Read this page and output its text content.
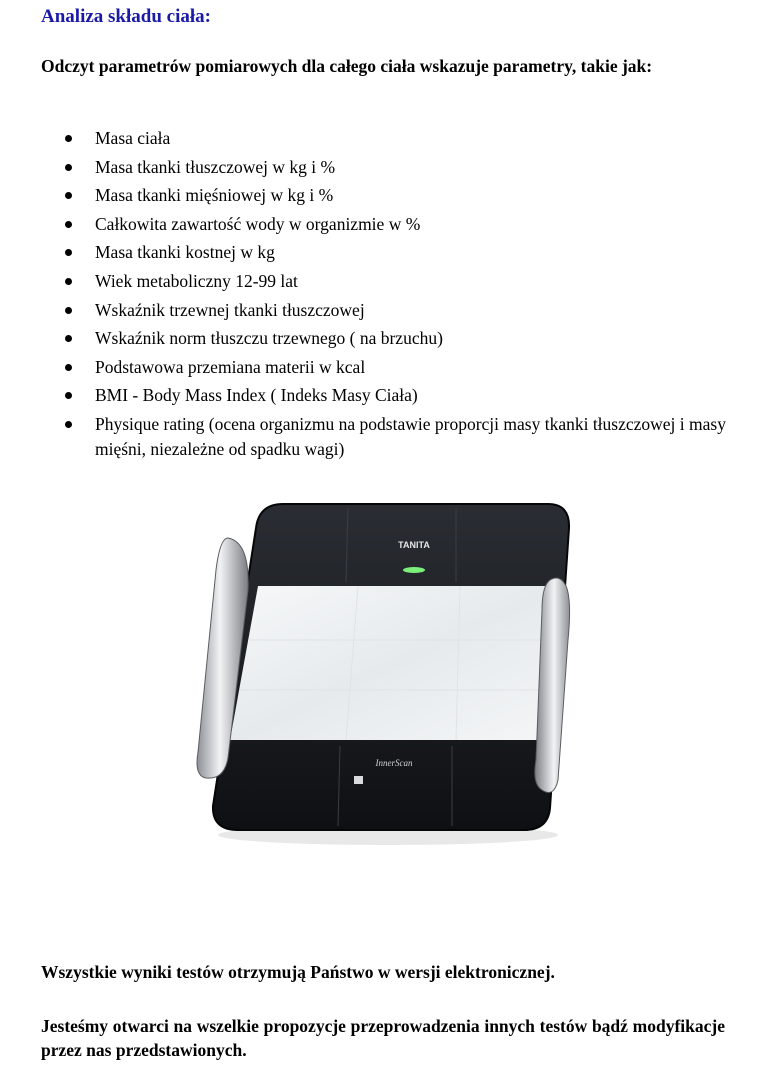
Analiza składu ciała:

Odczyt parametrów pomiarowych dla całego ciała wskazuje parametry, takie jak:

Masa ciała
Masa tkanki tłuszczowej w kg i %
Masa tkanki mięśniowej w kg i %
Całkowita zawartość wody w organizmie w %
Masa tkanki kostnej w kg
Wiek metaboliczny 12-99 lat
Wskaźnik trzewnej tkanki tłuszczowej
Wskaźnik norm tłuszczu trzewnego ( na brzuchu)
Podstawowa przemiana materii w kcal
BMI - Body Mass Index ( Indeks Masy Ciała)
Physique rating (ocena organizmu na podstawie proporcji masy tkanki tłuszczowej i masy mięśni, niezależne od spadku wagi)
TANITA
InnerScan

Wszystkie wyniki testów otrzymują Państwo w wersji elektronicznej.

Jesteśmy otwarci na wszelkie propozycje przeprowadzenia innych testów bądź modyfikacje przez nas przedstawionych.
